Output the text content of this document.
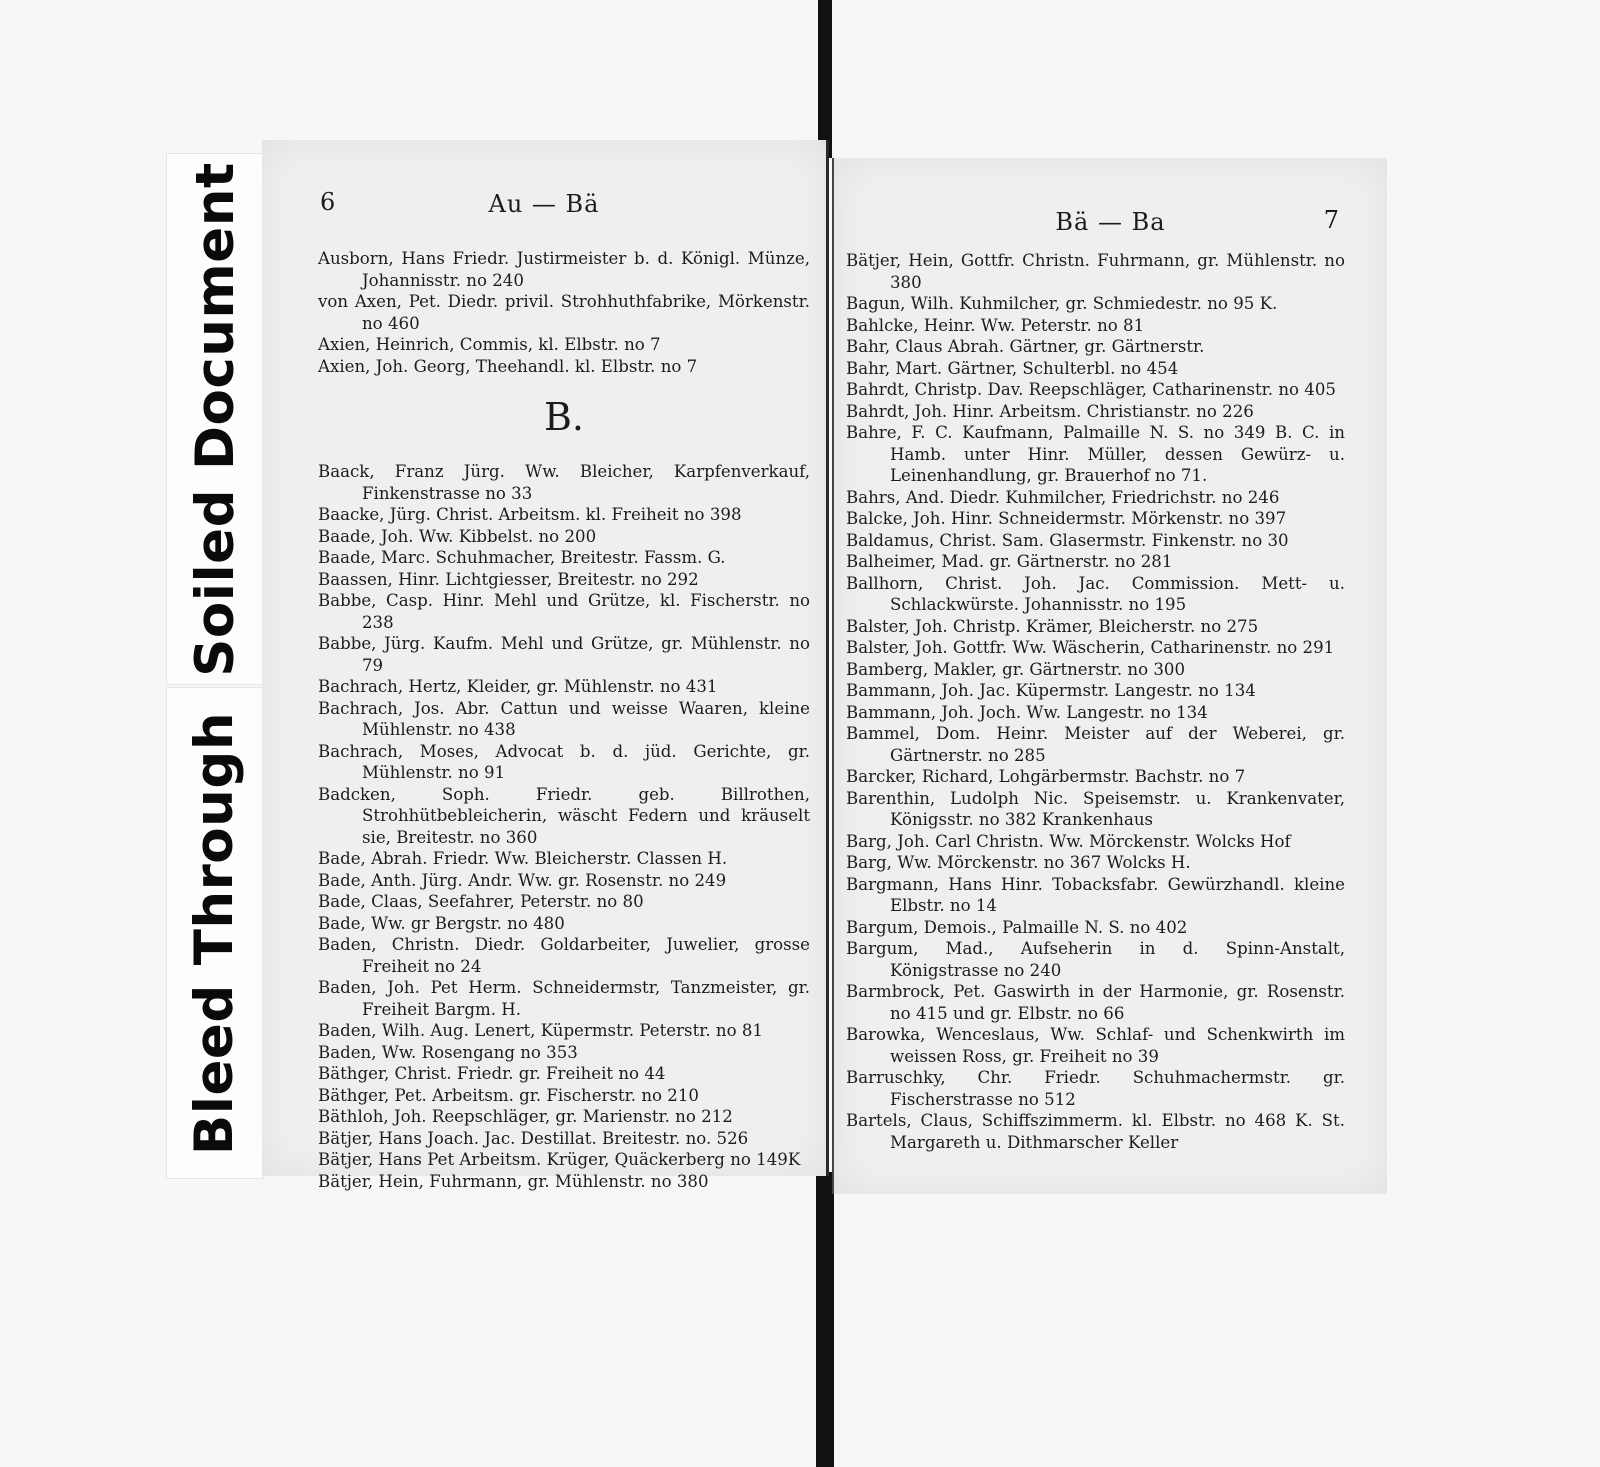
Soiled Document
Bleed Through
6	Au — Bä

Ausborn, Hans Friedr. Justirmeister b. d. Königl. Münze, Johannisstr. no 240

von Axen, Pet. Diedr. privil. Strohhuthfabrike, Mörkenstr. no 460

Axien, Heinrich, Commis, kl. Elbstr. no 7

Axien, Joh. Georg, Theehandl. kl. Elbstr. no 7

B.

Baack, Franz Jürg. Ww. Bleicher, Karpfenverkauf, Finkenstrasse no 33

Baacke, Jürg. Christ. Arbeitsm. kl. Freiheit no 398

Baade, Joh. Ww. Kibbelst. no 200

Baade, Marc. Schuhmacher, Breitestr. Fassm. G.

Baassen, Hinr. Lichtgiesser, Breitestr. no 292

Babbe, Casp. Hinr. Mehl und Grütze, kl. Fischerstr. no 238

Babbe, Jürg. Kaufm. Mehl und Grütze, gr. Mühlenstr. no 79

Bachrach, Hertz, Kleider, gr. Mühlenstr. no 431

Bachrach, Jos. Abr. Cattun und weisse Waaren, kleine Mühlenstr. no 438

Bachrach, Moses, Advocat b. d. jüd. Gerichte, gr. Mühlenstr. no 91

Badcken, Soph. Friedr. geb. Billrothen, Strohhütbebleicherin, wäscht Federn und kräuselt sie, Breitestr. no 360

Bade, Abrah. Friedr. Ww. Bleicherstr. Classen H.

Bade, Anth. Jürg. Andr. Ww. gr. Rosenstr. no 249

Bade, Claas, Seefahrer, Peterstr. no 80

Bade, Ww. gr Bergstr. no 480

Baden, Christn. Diedr. Goldarbeiter, Juwelier, grosse Freiheit no 24

Baden, Joh. Pet Herm. Schneidermstr, Tanzmeister, gr. Freiheit Bargm. H.

Baden, Wilh. Aug. Lenert, Küpermstr. Peterstr. no 81

Baden, Ww. Rosengang no 353

Bäthger, Christ. Friedr. gr. Freiheit no 44

Bäthger, Pet. Arbeitsm. gr. Fischerstr. no 210

Bäthloh, Joh. Reepschläger, gr. Marienstr. no 212

Bätjer, Hans Joach. Jac. Destillat. Breitestr. no. 526

Bätjer, Hans Pet Arbeitsm. Krüger, Quäckerberg no 149K

Bätjer, Hein, Fuhrmann, gr. Mühlenstr. no 380

Bä — Ba	7

Bätjer, Hein, Gottfr. Christn. Fuhrmann, gr. Mühlenstr. no 380

Bagun, Wilh. Kuhmilcher, gr. Schmiedestr. no 95 K.

Bahlcke, Heinr. Ww. Peterstr. no 81

Bahr, Claus Abrah. Gärtner, gr. Gärtnerstr.

Bahr, Mart. Gärtner, Schulterbl. no 454

Bahrdt, Christp. Dav. Reepschläger, Catharinenstr. no 405

Bahrdt, Joh. Hinr. Arbeitsm. Christianstr. no 226

Bahre, F. C. Kaufmann, Palmaille N. S. no 349 B. C. in Hamb. unter Hinr. Müller, dessen Gewürz- u. Leinenhandlung, gr. Brauerhof no 71.

Bahrs, And. Diedr. Kuhmilcher, Friedrichstr. no 246

Balcke, Joh. Hinr. Schneidermstr. Mörkenstr. no 397

Baldamus, Christ. Sam. Glasermstr. Finkenstr. no 30

Balheimer, Mad. gr. Gärtnerstr. no 281

Ballhorn, Christ. Joh. Jac. Commission. Mett- u. Schlackwürste. Johannisstr. no 195

Balster, Joh. Christp. Krämer, Bleicherstr. no 275

Balster, Joh. Gottfr. Ww. Wäscherin, Catharinenstr. no 291

Bamberg, Makler, gr. Gärtnerstr. no 300

Bammann, Joh. Jac. Küpermstr. Langestr. no 134

Bammann, Joh. Joch. Ww. Langestr. no 134

Bammel, Dom. Heinr. Meister auf der Weberei, gr. Gärtnerstr. no 285

Barcker, Richard, Lohgärbermstr. Bachstr. no 7

Barenthin, Ludolph Nic. Speisemstr. u. Krankenvater, Königsstr. no 382 Krankenhaus

Barg, Joh. Carl Christn. Ww. Mörckenstr. Wolcks Hof

Barg, Ww. Mörckenstr. no 367 Wolcks H.

Bargmann, Hans Hinr. Tobacksfabr. Gewürzhandl. kleine Elbstr. no 14

Bargum, Demois., Palmaille N. S. no 402

Bargum, Mad., Aufseherin in d. Spinn-Anstalt, Königstrasse no 240

Barmbrock, Pet. Gaswirth in der Harmonie, gr. Rosenstr. no 415 und gr. Elbstr. no 66

Barowka, Wenceslaus, Ww. Schlaf- und Schenkwirth im weissen Ross, gr. Freiheit no 39

Barruschky, Chr. Friedr. Schuhmachermstr. gr. Fischerstrasse no 512

Bartels, Claus, Schiffszimmerm. kl. Elbstr. no 468 K. St. Margareth u. Dithmarscher Keller
